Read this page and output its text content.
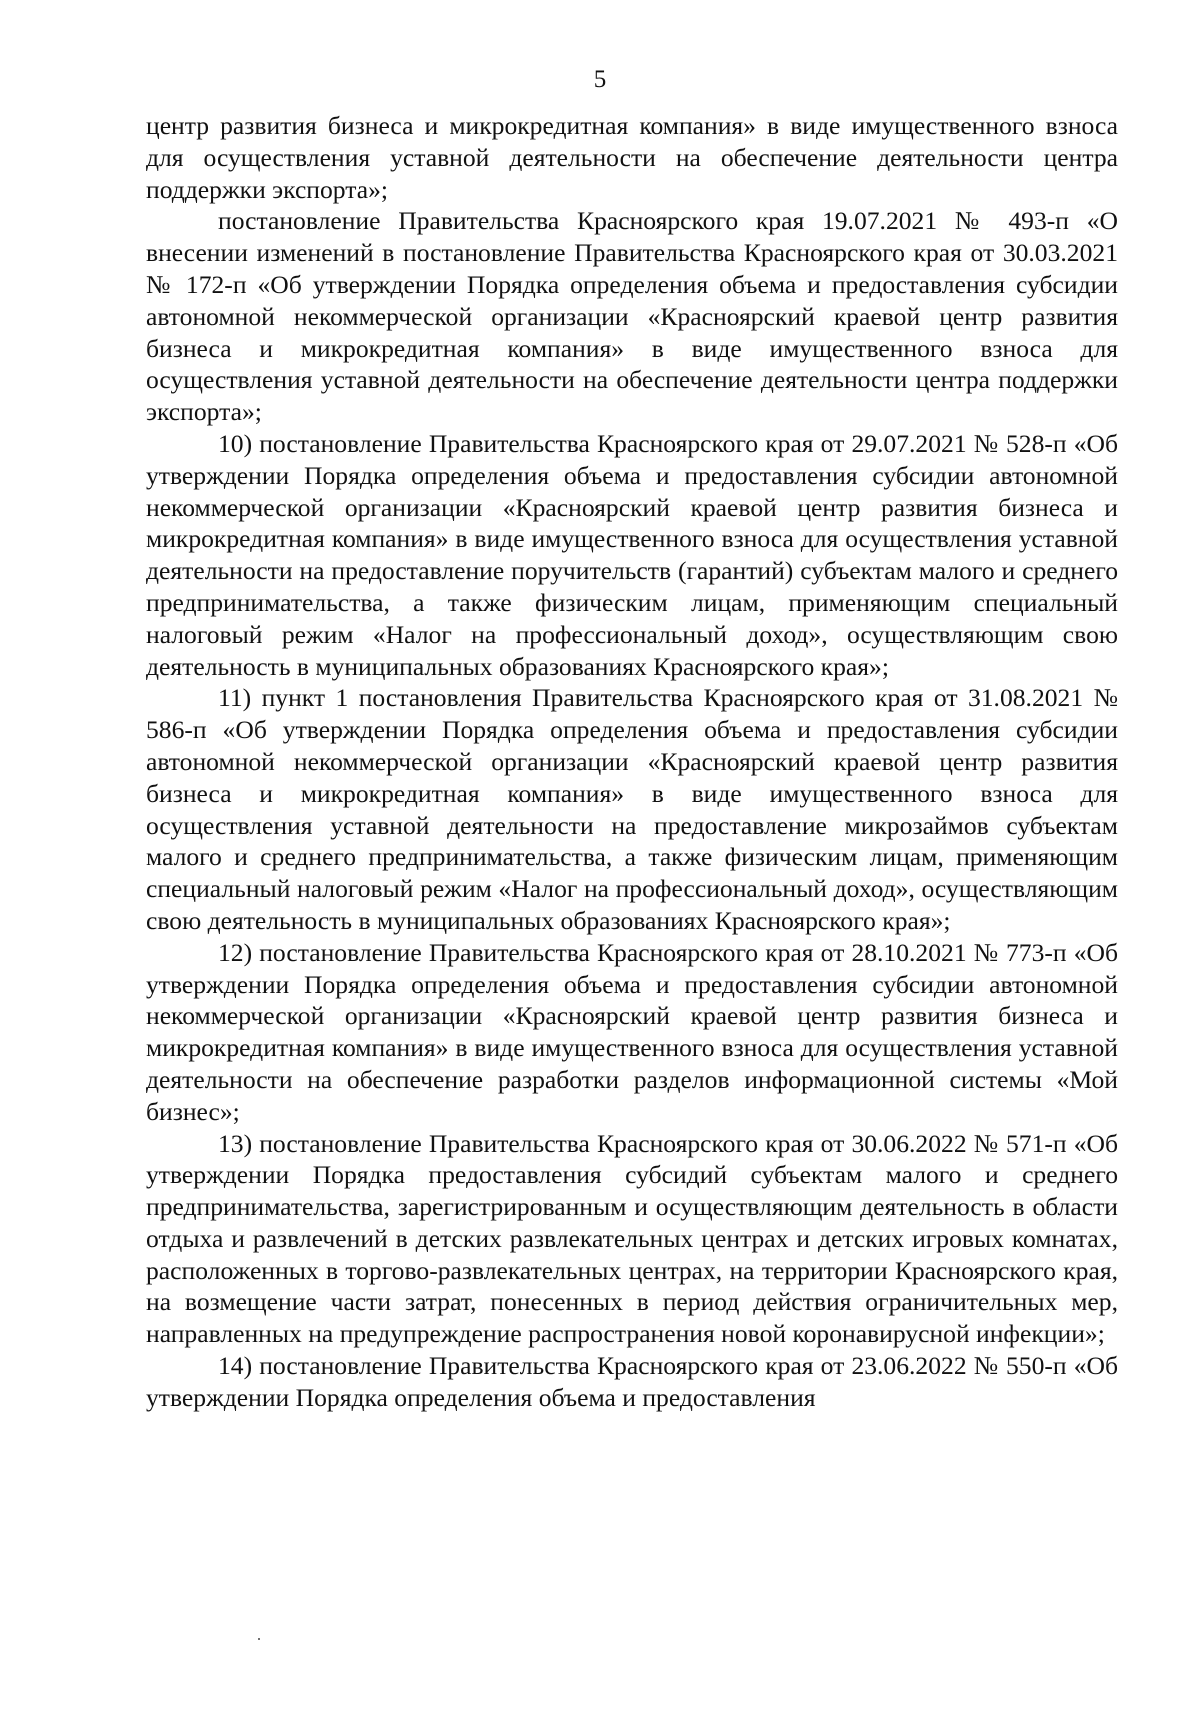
5

центр развития бизнеса и микрокредитная компания» в виде имущественного взноса для осуществления уставной деятельности на обеспечение деятельности центра поддержки экспорта»;

постановление Правительства Красноярского края 19.07.2021 № 493-п «О внесении изменений в постановление Правительства Красноярского края от 30.03.2021 № 172-п «Об утверждении Порядка определения объема и предоставления субсидии автономной некоммерческой организации «Красноярский краевой центр развития бизнеса и микрокредитная компания» в виде имущественного взноса для осуществления уставной деятельности на обеспечение деятельности центра поддержки экспорта»;

10) постановление Правительства Красноярского края от 29.07.2021 № 528-п «Об утверждении Порядка определения объема и предоставления субсидии автономной некоммерческой организации «Красноярский краевой центр развития бизнеса и микрокредитная компания» в виде имущественного взноса для осуществления уставной деятельности на предоставление поручительств (гарантий) субъектам малого и среднего предпринимательства, а также физическим лицам, применяющим специальный налоговый режим «Налог на профессиональный доход», осуществляющим свою деятельность в муниципальных образованиях Красноярского края»;

11) пункт 1 постановления Правительства Красноярского края от 31.08.2021 № 586-п «Об утверждении Порядка определения объема и предоставления субсидии автономной некоммерческой организации «Красноярский краевой центр развития бизнеса и микрокредитная компания» в виде имущественного взноса для осуществления уставной деятельности на предоставление микрозаймов субъектам малого и среднего предпринимательства, а также физическим лицам, применяющим специальный налоговый режим «Налог на профессиональный доход», осуществляющим свою деятельность в муниципальных образованиях Красноярского края»;

12) постановление Правительства Красноярского края от 28.10.2021 № 773-п «Об утверждении Порядка определения объема и предоставления субсидии автономной некоммерческой организации «Красноярский краевой центр развития бизнеса и микрокредитная компания» в виде имущественного взноса для осуществления уставной деятельности на обеспечение разработки разделов информационной системы «Мой бизнес»;

13) постановление Правительства Красноярского края от 30.06.2022 № 571-п «Об утверждении Порядка предоставления субсидий субъектам малого и среднего предпринимательства, зарегистрированным и осуществляющим деятельность в области отдыха и развлечений в детских развлекательных центрах и детских игровых комнатах, расположенных в торгово-развлекательных центрах, на территории Красноярского края, на возмещение части затрат, понесенных в период действия ограничительных мер, направленных на предупреждение распространения новой коронавирусной инфекции»;

14) постановление Правительства Красноярского края от 23.06.2022 № 550-п «Об утверждении Порядка определения объема и предоставления
